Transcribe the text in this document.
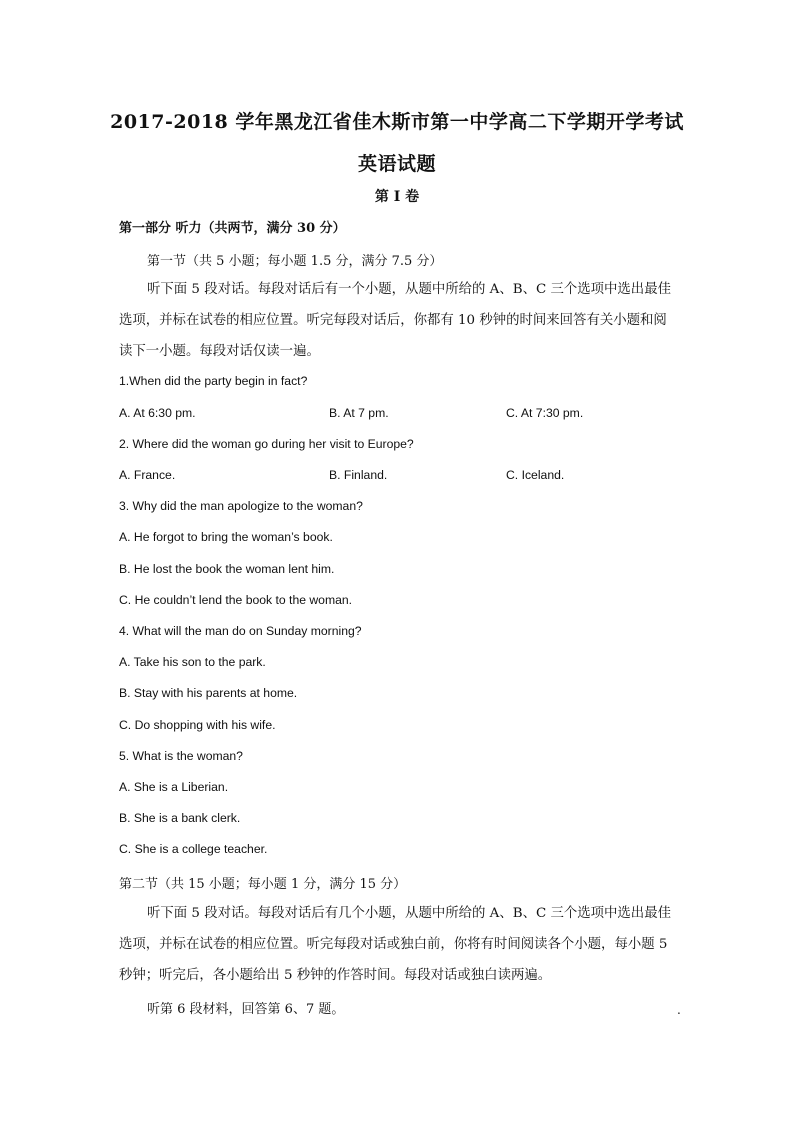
2017-2018 学年黑龙江省佳木斯市第一中学高二下学期开学考试
英语试题
第 I 卷
第一部分 听力（共两节，满分 30 分）
第一节（共 5 小题；每小题 1.5 分，满分 7.5 分）
听下面 5 段对话。每段对话后有一个小题，从题中所给的 A、B、C 三个选项中选出最佳选项，并标在试卷的相应位置。听完每段对话后，你都有 10 秒钟的时间来回答有关小题和阅读下一小题。每段对话仅读一遍。
1.When did the party begin in fact?
A. At 6:30 pm.	B. At 7 pm.	C. At 7:30 pm.
2. Where did the woman go during her visit to Europe?
A. France.	B. Finland.	C. Iceland.
3. Why did the man apologize to the woman?
A. He forgot to bring the woman’s book.
B. He lost the book the woman lent him.
C. He couldn’t lend the book to the woman.
4. What will the man do on Sunday morning?
A. Take his son to the park.
B. Stay with his parents at home.
C. Do shopping with his wife.
5. What is the woman?
A. She is a Liberian.
B. She is a bank clerk.
C. She is a college teacher.
第二节（共 15 小题；每小题 1 分，满分 15 分）
听下面 5 段对话。每段对话后有几个小题，从题中所给的 A、B、C 三个选项中选出最佳选项，并标在试卷的相应位置。听完每段对话或独白前，你将有时间阅读各个小题，每小题 5 秒钟；听完后，各小题给出 5 秒钟的作答时间。每段对话或独白读两遍。
听第 6 段材料，回答第 6、7 题。	.
